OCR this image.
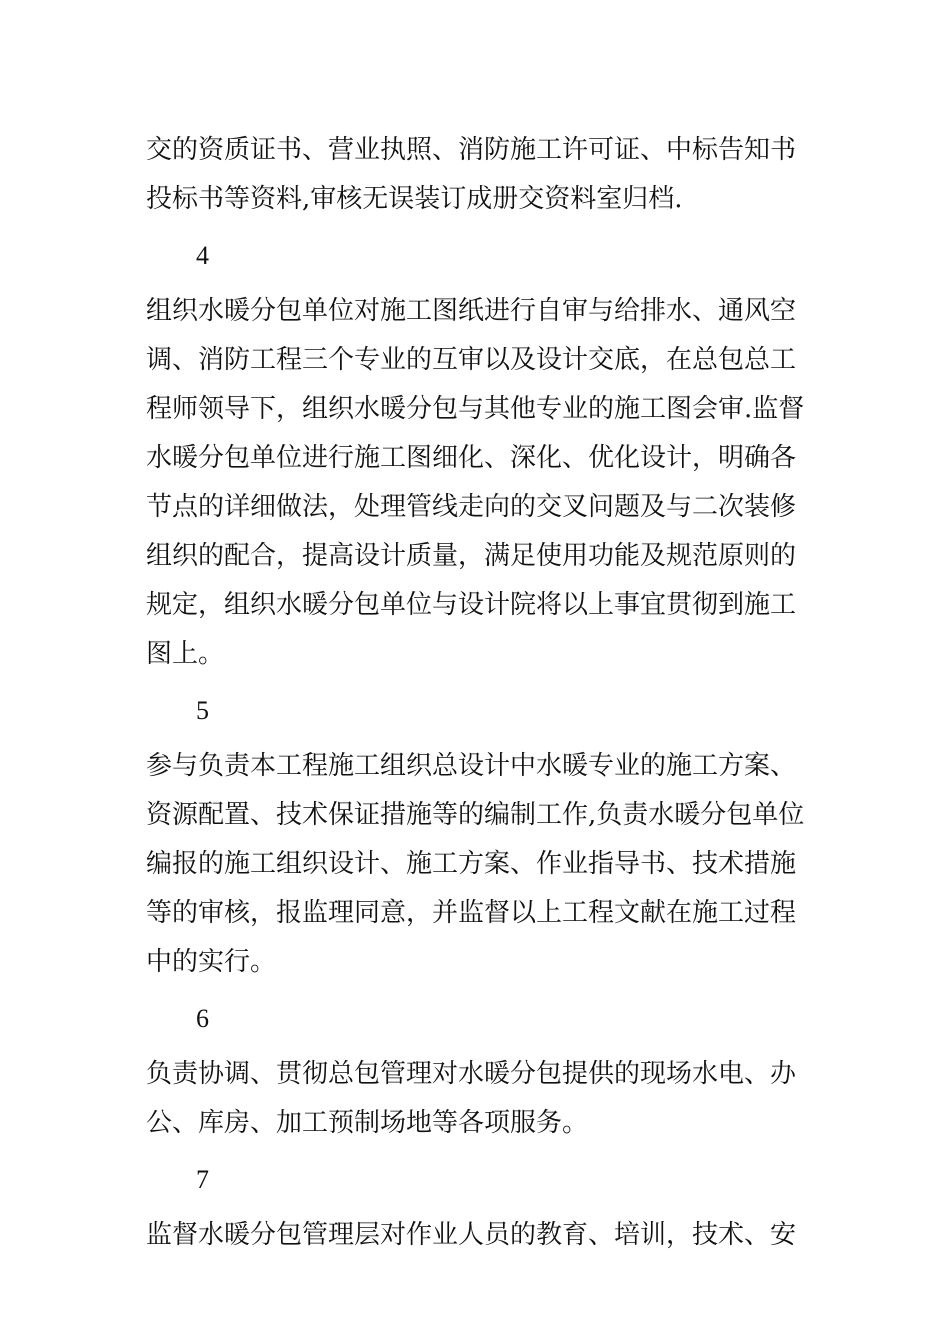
交的资质证书、营业执照、消防施工许可证、中标告知书
投标书等资料,审核无误装订成册交资料室归档.
4
组织水暖分包单位对施工图纸进行自审与给排水、通风空
调、消防工程三个专业的互审以及设计交底，在总包总工
程师领导下，组织水暖分包与其他专业的施工图会审.监督
水暖分包单位进行施工图细化、深化、优化设计，明确各
节点的详细做法，处理管线走向的交叉问题及与二次装修
组织的配合，提高设计质量，满足使用功能及规范原则的
规定，组织水暖分包单位与设计院将以上事宜贯彻到施工
图上。
5
参与负责本工程施工组织总设计中水暖专业的施工方案、
资源配置、技术保证措施等的编制工作,负责水暖分包单位
编报的施工组织设计、施工方案、作业指导书、技术措施
等的审核，报监理同意，并监督以上工程文献在施工过程
中的实行。
6
负责协调、贯彻总包管理对水暖分包提供的现场水电、办
公、库房、加工预制场地等各项服务。
7
监督水暖分包管理层对作业人员的教育、培训，技术、安
